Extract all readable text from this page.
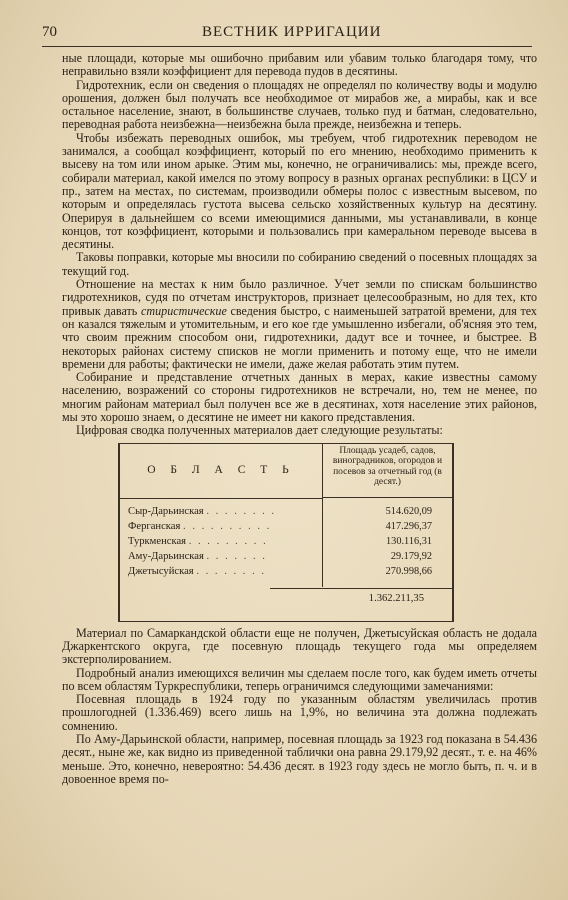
70	ВЕСТНИК ИРРИГАЦИИ

ные площади, которые мы ошибочно прибавим или убавим только благодаря тому, что неправильно взяли коэффициент для перевода пудов в десятины.

Гидротехник, если он сведения о площадях не определял по количеству воды и модулю орошения, должен был получать все необходимое от мирабов же, а мирабы, как и все остальное население, знают, в большинстве случаев, только пуд и батман, следовательно, переводная работа неизбежна—неизбежна была прежде, неизбежна и теперь.

Чтобы избежать переводных ошибок, мы требуем, чтоб гидротехник переводом не занимался, а сообщал коэффициент, который по его мнению, необходимо применить к высеву на том или ином арыке. Этим мы, конечно, не ограничивались: мы, прежде всего, собирали материал, какой имелся по этому вопросу в разных органах республики: в ЦСУ и пр., затем на местах, по системам, производили обмеры полос с известным высевом, по которым и определялась густота высева сельско хозяйственных культур на десятину. Оперируя в дальнейшем со всеми имеющимися данными, мы устанавливали, в конце концов, тот коэффициент, которыми и пользовались при камеральном переводе высева в десятины.

Таковы поправки, которые мы вносили по собиранию сведений о посевных площадях за текущий год.

Отношение на местах к ним было различное. Учет земли по спискам большинство гидротехников, судя по отчетам инструкторов, признает целесообразным, но для тех, кто привык давать стиристические сведения быстро, с наименьшей затратой времени, для тех он казался тяжелым и утомительным, и его кое где умышленно избегали, об'ясняя это тем, что своим прежним способом они, гидротехники, дадут все и точнее, и быстрее. В некоторых районах систему списков не могли применить и потому еще, что не имели времени для работы; фактически не имели, даже желая работать этим путем.

Собирание и представление отчетных данных в мерах, какие известны самому населению, возражений со стороны гидротехников не встречали, но, тем не менее, по многим районам материал был получен все же в десятинах, хотя население этих районов, мы это хорошо знаем, о десятине не имеет ни какого представления.

Цифровая сводка полученных материалов дает следующие результаты:

О Б Л А С Т Ь
Площадь усадеб, садов, виноградников, огородов и посевов за отчетный год (в десят.)
Сыр-Дарьинская . . . . . . . .	514.620,09
Ферганская . . . . . . . . . .	417.296,37
Туркменская . . . . . . . . .	130.116,31
Аму-Дарьинская . . . . . . .	29.179,92
Джетысуйская . . . . . . . .	270.998,66
1.362.211,35

Материал по Самаркандской области еще не получен, Джетысуйская область не додала Джаркентского округа, где посевную площадь текущего года мы определяем экстерполированием.

Подробный анализ имеющихся величин мы сделаем после того, как будем иметь отчеты по всем областям Туркреспублики, теперь ограничимся следующими замечаниями:

Посевная площадь в 1924 году по указанным областям увеличилась против прошлогодней (1.336.469) всего лишь на 1,9%, но величина эта должна подлежать сомнению.

По Аму-Дарьинской области, например, посевная площадь за 1923 год показана в 54.436 десят., ныне же, как видно из приведенной таблички она равна 29.179,92 десят., т. е. на 46% меньше. Это, конечно, невероятно: 54.436 десят. в 1923 году здесь не могло быть, п. ч. и в довоенное время по-
